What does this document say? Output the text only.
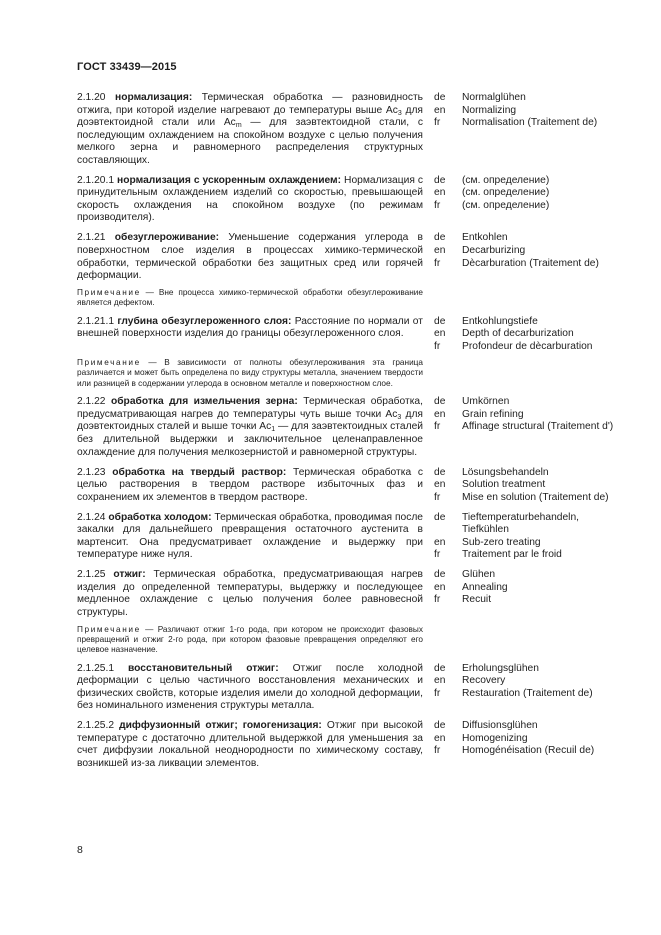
ГОСТ 33439—2015
2.1.20 нормализация: Термическая обработка — разновидность отжига, при которой изделие нагревают до температуры выше $Ac_3$ для доэвтектоидной стали или $Ac_m$ — для заэвтектоидной стали, с последующим охлаждением на спокойном воздухе с целью получения мелкого зерна и равномерного распределения структурных составляющих.
de	Normalglühen
en	Normalizing
fr	Normalisation (Traitement de)
2.1.20.1 нормализация с ускоренным охлаждением: Нормализация с принудительным охлаждением изделий со скоростью, превышающей скорость охлаждения на спокойном воздухе (по режимам производителя).
de	(см. определение)
en	(см. определение)
fr	(см. определение)
2.1.21 обезуглероживание: Уменьшение содержания углерода в поверхностном слое изделия в процессах химико-термической обработки, термической обработки без защитных сред или горячей деформации.
de	Entkohlen
en	Decarburizing
fr	Dècarburation (Traitement de)
Примечание — Вне процесса химико-термической обработки обезуглероживание является дефектом.
2.1.21.1 глубина обезуглероженного слоя: Расстояние по нормали от внешней поверхности изделия до границы обезуглероженного слоя.
de	Entkohlungstiefe
en	Depth of decarburization
fr	Profondeur de dècarburation
Примечание — В зависимости от полноты обезуглероживания эта граница различается и может быть определена по виду структуры металла, значением твердости или разницей в содержании углерода в основном металле и поверхностном слое.
2.1.22 обработка для измельчения зерна: Термическая обработка, предусматривающая нагрев до температуры чуть выше точки $Ac_3$ для доэвтектоидных сталей и выше точки $Ac_1$ — для заэвтектоидных сталей без длительной выдержки и заключительное целенаправленное охлаждение для получения мелкозернистой и равномерной структуры.
de	Umkörnen
en	Grain refining
fr	Affinage structural (Traitement d')
2.1.23 обработка на твердый раствор: Термическая обработка с целью растворения в твердом растворе избыточных фаз и сохранением их элементов в твердом растворе.
de	Lösungsbehandeln
en	Solution treatment
fr	Mise en solution (Traitement de)
2.1.24 обработка холодом: Термическая обработка, проводимая после закалки для дальнейшего превращения остаточного аустенита в мартенсит. Она предусматривает охлаждение и выдержку при температуре ниже нуля.
de	Tieftemperaturbehandeln,
Tiefkühlen
en	Sub-zero treating
fr	Traitement par le froid
2.1.25 отжиг: Термическая обработка, предусматривающая нагрев изделия до определенной температуры, выдержку и последующее медленное охлаждение с целью получения более равновесной структуры.
de	Glühen
en	Annealing
fr	Recuit
Примечание — Различают отжиг 1-го рода, при котором не происходит фазовых превращений и отжиг 2-го рода, при котором фазовые превращения определяют его целевое назначение.
2.1.25.1 восстановительный отжиг: Отжиг после холодной деформации с целью частичного восстановления механических и физических свойств, которые изделия имели до холодной деформации, без номинального изменения структуры металла.
de	Erholungsglühen
en	Recovery
fr	Restauration (Traitement de)
2.1.25.2 диффузионный отжиг; гомогенизация: Отжиг при высокой температуре с достаточно длительной выдержкой для уменьшения за счет диффузии локальной неоднородности по химическому составу, возникшей из-за ликвации элементов.
de	Diffusionsglühen
en	Homogenizing
fr	Homogénéisation (Recuil de)
8
